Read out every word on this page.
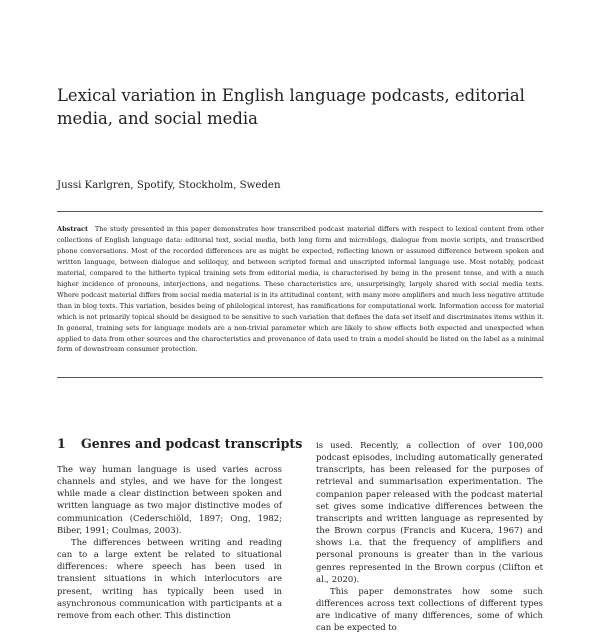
Lexical variation in English language podcasts, editorial media, and social media
Jussi Karlgren, Spotify, Stockholm, Sweden
Abstract The study presented in this paper demonstrates how transcribed podcast material differs with respect to lexical content from other collections of English language data: editorial text, social media, both long form and microblogs, dialogue from movie scripts, and transcribed phone conversations. Most of the recorded differences are as might be expected, reflecting known or assumed difference between spoken and written language, between dialogue and soliloquy, and between scripted formal and unscripted informal language use. Most notably, podcast material, compared to the hitherto typical training sets from editorial media, is characterised by being in the present tense, and with a much higher incidence of pronouns, interjections, and negations. These characteristics are, unsurprisingly, largely shared with social media texts. Where podcast material differs from social media material is in its attitudinal content, with many more amplifiers and much less negative attitude than in blog texts. This variation, besides being of philological interest, has ramifications for computational work. Information access for material which is not primarily topical should be designed to be sensitive to such variation that defines the data set itself and discriminates items within it. In general, training sets for language models are a non-trivial parameter which are likely to show effects both expected and unexpected when applied to data from other sources and the characteristics and provenance of data used to train a model should be listed on the label as a minimal form of downstream consumer protection.
1 Genres and podcast transcripts

The way human language is used varies across channels and styles, and we have for the longest while made a clear distinction between spoken and written language as two major distinctive modes of communication (Cederschiöld, 1897; Ong, 1982; Biber, 1991; Coulmas, 2003).

The differences between writing and reading can to a large extent be related to situational differences: where speech has been used in transient situations in which interlocutors are present, writing has typically been used in asynchronous communication with participants at a remove from each other. This distinction

is used. Recently, a collection of over 100,000 podcast episodes, including automatically generated transcripts, has been released for the purposes of retrieval and summarisation experimentation. The companion paper released with the podcast material set gives some indicative differences between the transcripts and written language as represented by the Brown corpus (Francis and Kucera, 1967) and shows i.a. that the frequency of amplifiers and personal pronouns is greater than in the various genres represented in the Brown corpus (Clifton et al., 2020).

This paper demonstrates how some such differences across text collections of different types are indicative of many differences, some of which can be expected to
